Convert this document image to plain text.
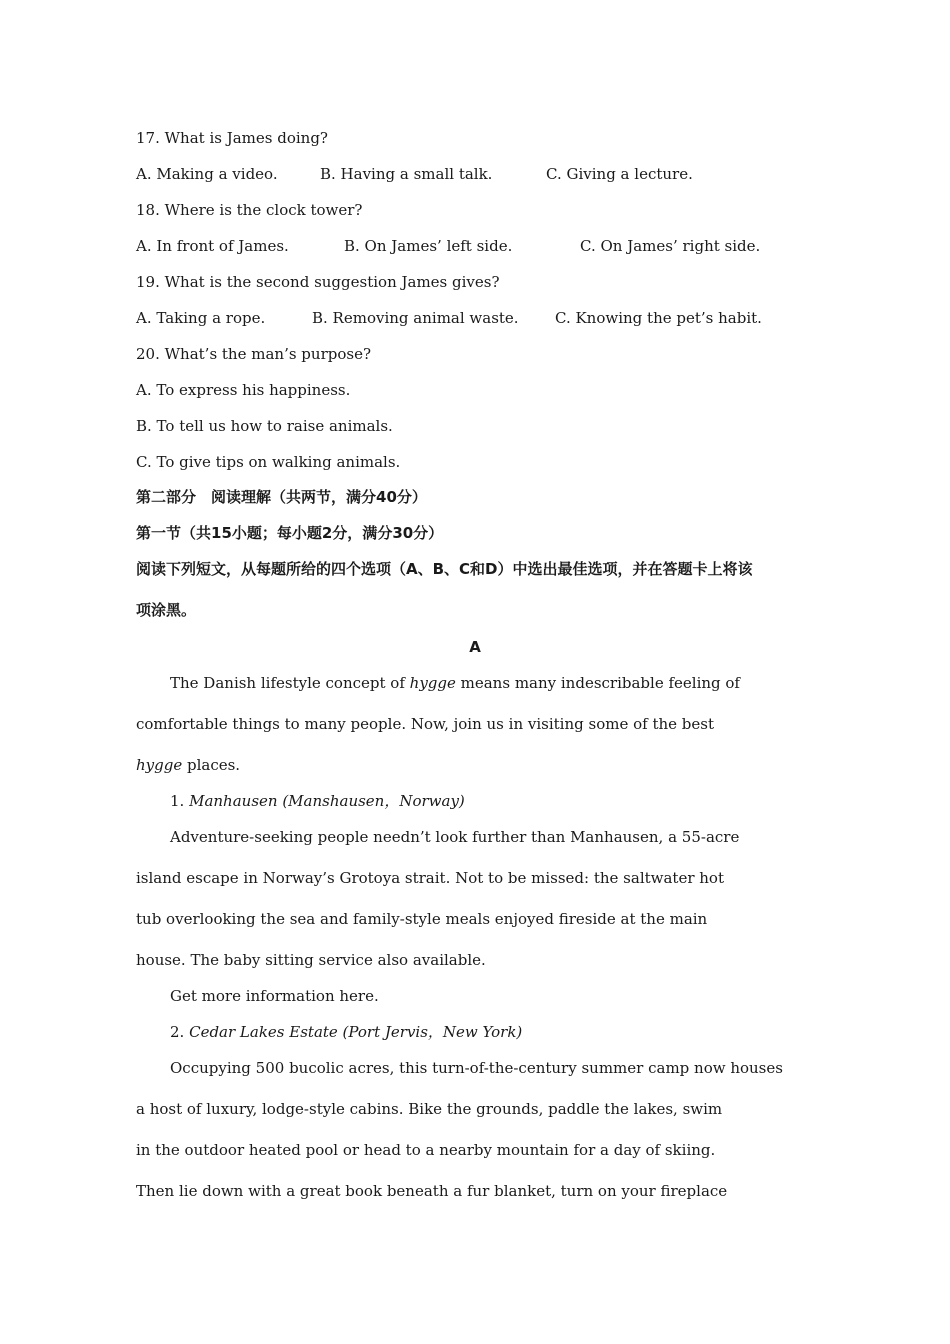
17. What is James doing?
A. Making a video.	B. Having a small talk.	C. Giving a lecture.
18. Where is the clock tower?
A. In front of James.	B. On James’ left side.	C. On James’ right side.
19. What is the second suggestion James gives?
A. Taking a rope.	B. Removing animal waste. C. Knowing the pet’s habit.
20. What’s the man’s purpose?
A. To express his happiness.
B. To tell us how to raise animals.
C. To give tips on walking animals.
第二部分　阅读理解（共两节，满分40分）
第一节（共15小题；每小题2分，满分30分）
阅读下列短文，从每题所给的四个选项（A、B、C和D）中选出最佳选项，并在答题卡上将该
项涂黑。
A
The Danish lifestyle concept of hygge means many indescribable feeling of
comfortable things to many people. Now, join us in visiting some of the best
hygge places.
1. Manhausen (Manshausen，Norway)
Adventure-seeking people needn’t look further than Manhausen, a 55-acre
island escape in Norway’s Grotoya strait. Not to be missed: the saltwater hot
tub overlooking the sea and family-style meals enjoyed fireside at the main
house. The baby sitting service also available.
Get more information here.
2. Cedar Lakes Estate (Port Jervis，New York)
Occupying 500 bucolic acres, this turn-of-the-century summer camp now houses
a host of luxury, lodge-style cabins. Bike the grounds, paddle the lakes, swim
in the outdoor heated pool or head to a nearby mountain for a day of skiing.
Then lie down with a great book beneath a fur blanket, turn on your fireplace
